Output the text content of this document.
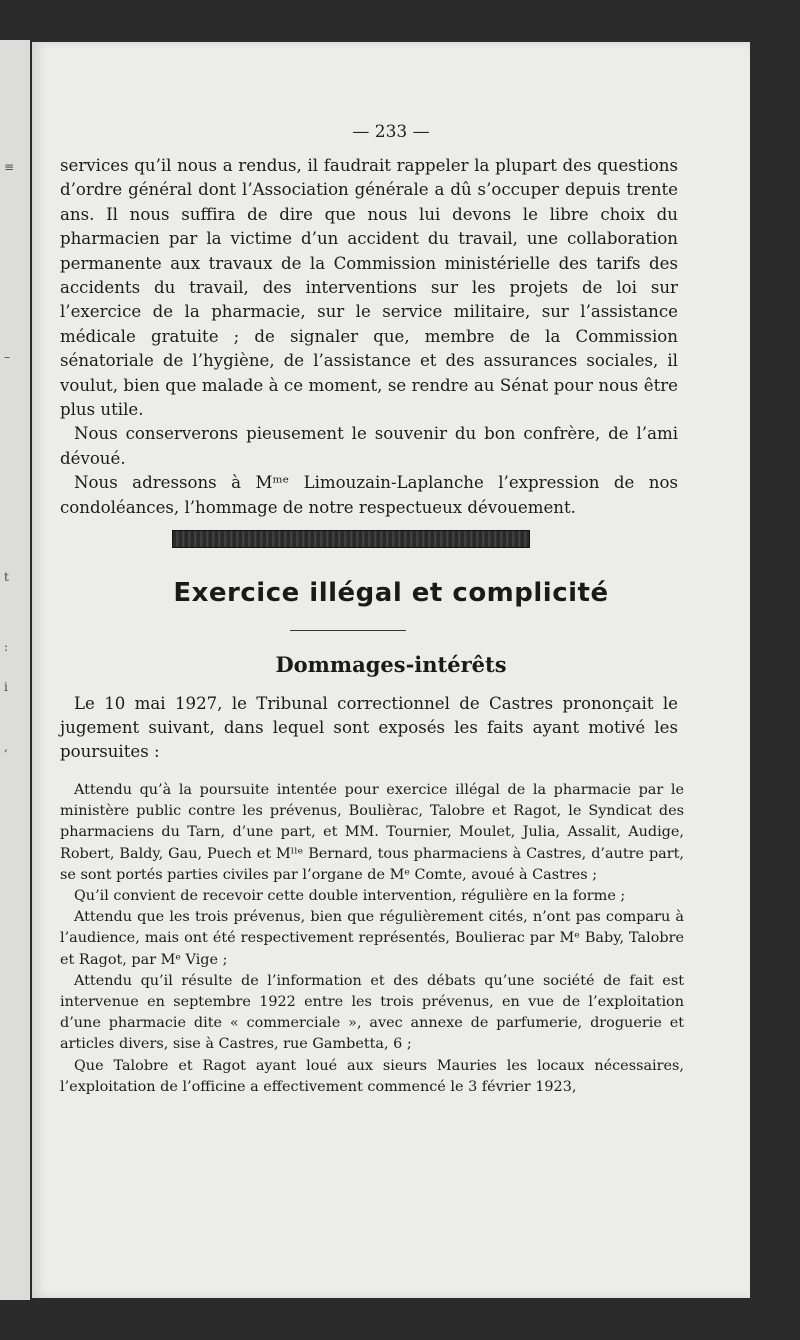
≡
–
t
:
i
,
— 233 —

services qu’il nous a rendus, il faudrait rappeler la plupart des questions d’ordre général dont l’Association générale a dû s’occuper depuis trente ans. Il nous suffira de dire que nous lui devons le libre choix du pharmacien par la victime d’un accident du travail, une collaboration permanente aux travaux de la Commission ministérielle des tarifs des accidents du travail, des interventions sur les projets de loi sur l’exercice de la pharmacie, sur le service militaire, sur l’assistance médicale gratuite ; de signaler que, membre de la Commission sénatoriale de l’hygiène, de l’assistance et des assurances sociales, il voulut, bien que malade à ce moment, se rendre au Sénat pour nous être plus utile.

Nous conserverons pieusement le souvenir du bon confrère, de l’ami dévoué.

Nous adressons à Mᵐᵉ Limouzain-Laplanche l’expression de nos condoléances, l’hommage de notre respectueux dévouement.

Exercice illégal et complicité
Dommages-intérêts

Le 10 mai 1927, le Tribunal correctionnel de Castres prononçait le jugement suivant, dans lequel sont exposés les faits ayant motivé les poursuites :

Attendu qu’à la poursuite intentée pour exercice illégal de la pharmacie par le ministère public contre les prévenus, Boulièrac, Talobre et Ragot, le Syndicat des pharmaciens du Tarn, d’une part, et MM. Tournier, Moulet, Julia, Assalit, Audige, Robert, Baldy, Gau, Puech et Mˡˡᵉ Bernard, tous pharmaciens à Castres, d’autre part, se sont portés parties civiles par l’organe de Mᵉ Comte, avoué à Castres ;

Qu’il convient de recevoir cette double intervention, régulière en la forme ;

Attendu que les trois prévenus, bien que régulièrement cités, n’ont pas comparu à l’audience, mais ont été respectivement représentés, Boulierac par Mᵉ Baby, Talobre et Ragot, par Mᵉ Vige ;

Attendu qu’il résulte de l’information et des débats qu’une société de fait est intervenue en septembre 1922 entre les trois prévenus, en vue de l’exploitation d’une pharmacie dite « commerciale », avec annexe de parfumerie, droguerie et articles divers, sise à Castres, rue Gambetta, 6 ;

Que Talobre et Ragot ayant loué aux sieurs Mauries les locaux nécessaires, l’exploitation de l’officine a effectivement commencé le 3 février 1923,
